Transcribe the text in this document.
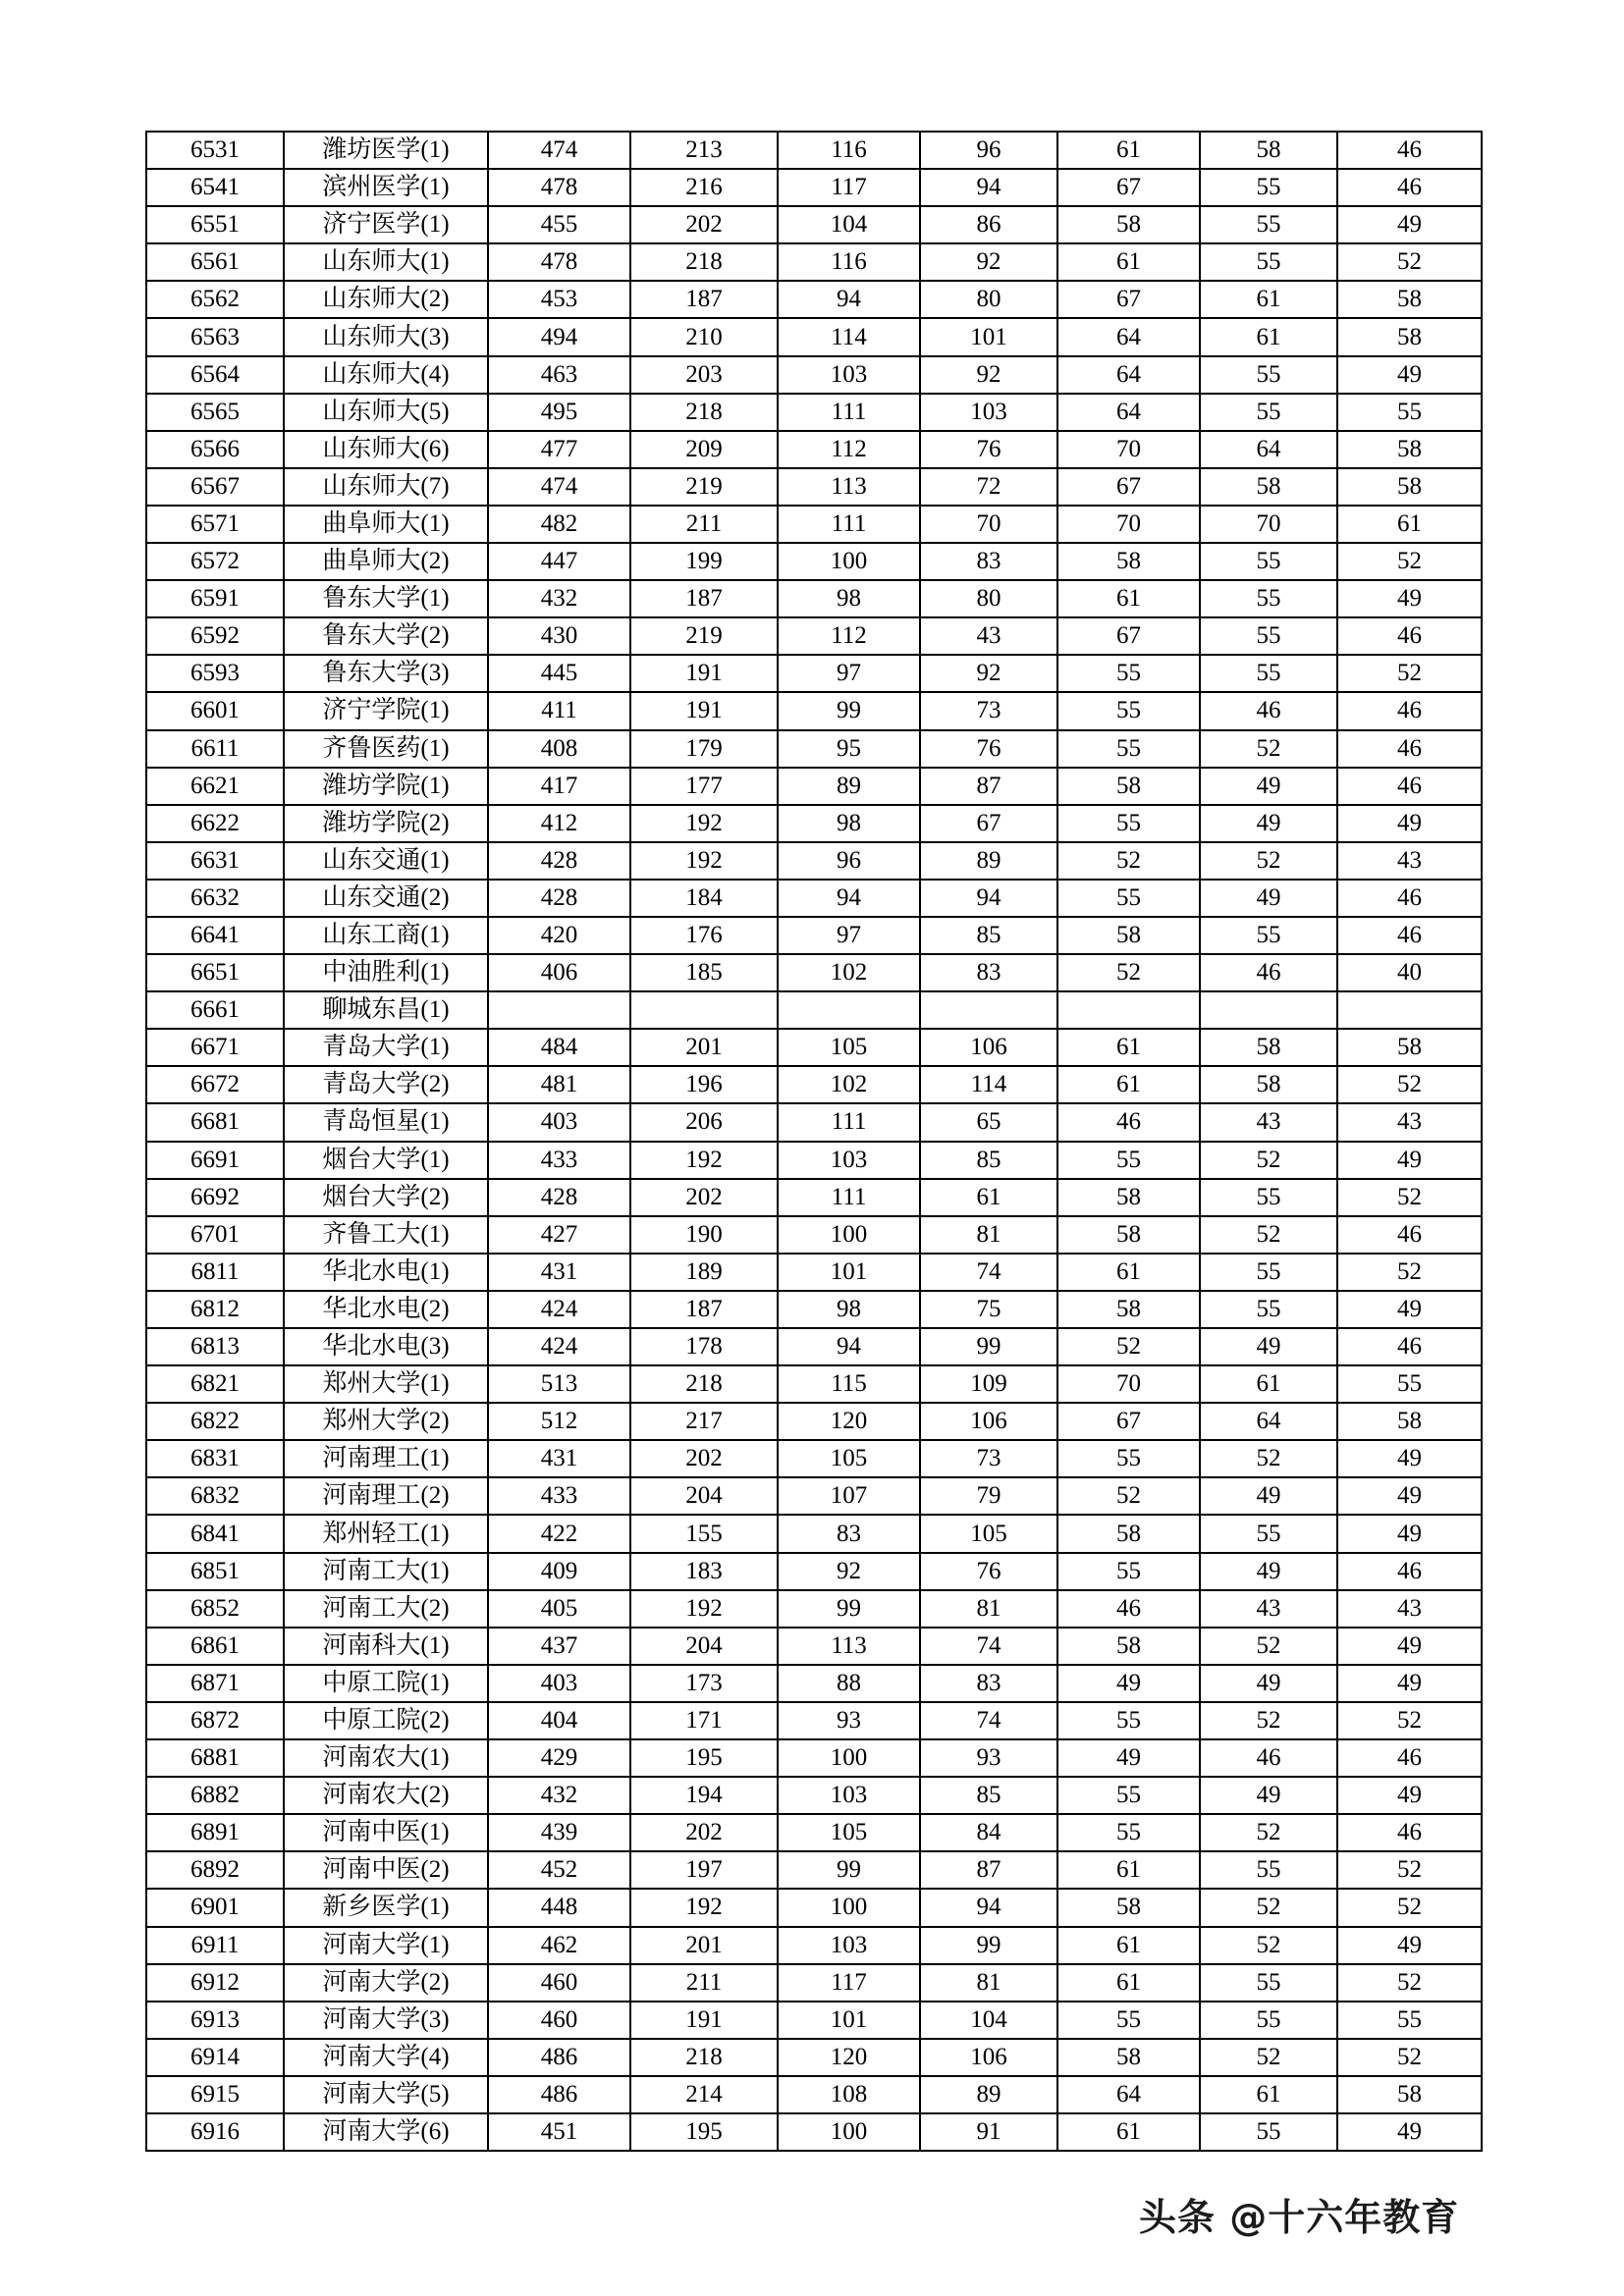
6531	潍坊医学(1)	474	213	116	96	61	58	46	
6541	滨州医学(1)	478	216	117	94	67	55	46	
6551	济宁医学(1)	455	202	104	86	58	55	49	
6561	山东师大(1)	478	218	116	92	61	55	52	
6562	山东师大(2)	453	187	94	80	67	61	58	
6563	山东师大(3)	494	210	114	101	64	61	58	
6564	山东师大(4)	463	203	103	92	64	55	49	
6565	山东师大(5)	495	218	111	103	64	55	55	
6566	山东师大(6)	477	209	112	76	70	64	58	
6567	山东师大(7)	474	219	113	72	67	58	58	
6571	曲阜师大(1)	482	211	111	70	70	70	61	
6572	曲阜师大(2)	447	199	100	83	58	55	52	
6591	鲁东大学(1)	432	187	98	80	61	55	49	
6592	鲁东大学(2)	430	219	112	43	67	55	46	
6593	鲁东大学(3)	445	191	97	92	55	55	52	
6601	济宁学院(1)	411	191	99	73	55	46	46	
6611	齐鲁医药(1)	408	179	95	76	55	52	46	
6621	潍坊学院(1)	417	177	89	87	58	49	46	
6622	潍坊学院(2)	412	192	98	67	55	49	49	
6631	山东交通(1)	428	192	96	89	52	52	43	
6632	山东交通(2)	428	184	94	94	55	49	46	
6641	山东工商(1)	420	176	97	85	58	55	46	
6651	中油胜利(1)	406	185	102	83	52	46	40	
6661	聊城东昌(1)								
6671	青岛大学(1)	484	201	105	106	61	58	58	
6672	青岛大学(2)	481	196	102	114	61	58	52	
6681	青岛恒星(1)	403	206	111	65	46	43	43	
6691	烟台大学(1)	433	192	103	85	55	52	49	
6692	烟台大学(2)	428	202	111	61	58	55	52	
6701	齐鲁工大(1)	427	190	100	81	58	52	46	
6811	华北水电(1)	431	189	101	74	61	55	52	
6812	华北水电(2)	424	187	98	75	58	55	49	
6813	华北水电(3)	424	178	94	99	52	49	46	
6821	郑州大学(1)	513	218	115	109	70	61	55	
6822	郑州大学(2)	512	217	120	106	67	64	58	
6831	河南理工(1)	431	202	105	73	55	52	49	
6832	河南理工(2)	433	204	107	79	52	49	49	
6841	郑州轻工(1)	422	155	83	105	58	55	49	
6851	河南工大(1)	409	183	92	76	55	49	46	
6852	河南工大(2)	405	192	99	81	46	43	43	
6861	河南科大(1)	437	204	113	74	58	52	49	
6871	中原工院(1)	403	173	88	83	49	49	49	
6872	中原工院(2)	404	171	93	74	55	52	52	
6881	河南农大(1)	429	195	100	93	49	46	46	
6882	河南农大(2)	432	194	103	85	55	49	49	
6891	河南中医(1)	439	202	105	84	55	52	46	
6892	河南中医(2)	452	197	99	87	61	55	52	
6901	新乡医学(1)	448	192	100	94	58	52	52	
6911	河南大学(1)	462	201	103	99	61	52	49	
6912	河南大学(2)	460	211	117	81	61	55	52	
6913	河南大学(3)	460	191	101	104	55	55	55	
6914	河南大学(4)	486	218	120	106	58	52	52	
6915	河南大学(5)	486	214	108	89	64	61	58	
6916	河南大学(6)	451	195	100	91	61	55	49	
头条 @十六年教育
